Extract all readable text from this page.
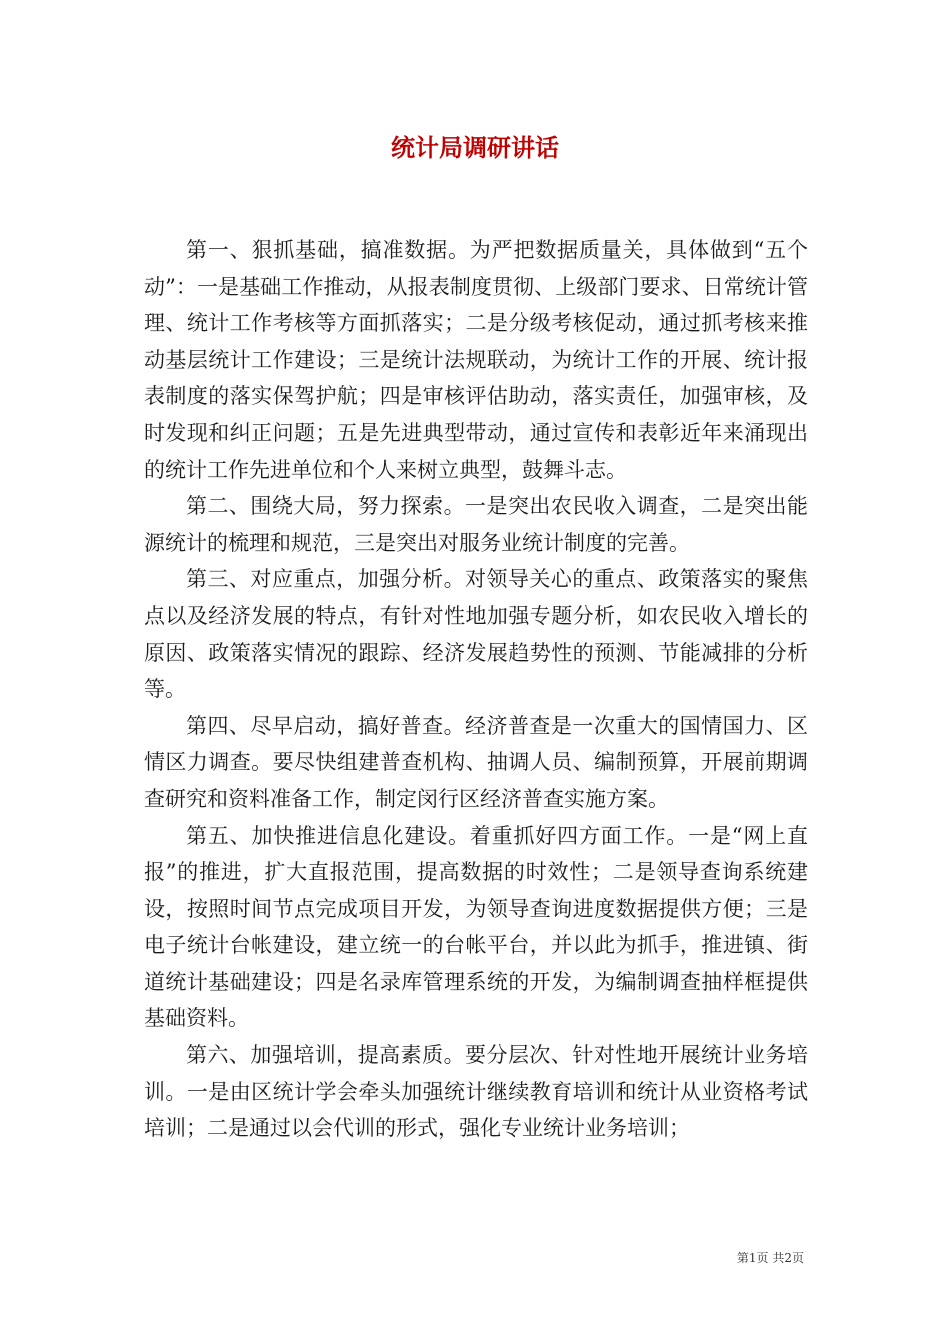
统计局调研讲话

第一、狠抓基础，搞准数据。为严把数据质量关，具体做到“五个动”：一是基础工作推动，从报表制度贯彻、上级部门要求、日常统计管理、统计工作考核等方面抓落实；二是分级考核促动，通过抓考核来推动基层统计工作建设；三是统计法规联动，为统计工作的开展、统计报表制度的落实保驾护航；四是审核评估助动，落实责任，加强审核，及时发现和纠正问题；五是先进典型带动，通过宣传和表彰近年来涌现出的统计工作先进单位和个人来树立典型，鼓舞斗志。

第二、围绕大局，努力探索。一是突出农民收入调查，二是突出能源统计的梳理和规范，三是突出对服务业统计制度的完善。

第三、对应重点，加强分析。对领导关心的重点、政策落实的聚焦点以及经济发展的特点，有针对性地加强专题分析，如农民收入增长的原因、政策落实情况的跟踪、经济发展趋势性的预测、节能减排的分析等。

第四、尽早启动，搞好普查。经济普查是一次重大的国情国力、区情区力调查。要尽快组建普查机构、抽调人员、编制预算，开展前期调查研究和资料准备工作，制定闵行区经济普查实施方案。

第五、加快推进信息化建设。着重抓好四方面工作。一是“网上直报”的推进，扩大直报范围，提高数据的时效性；二是领导查询系统建设，按照时间节点完成项目开发，为领导查询进度数据提供方便；三是电子统计台帐建设，建立统一的台帐平台，并以此为抓手，推进镇、街道统计基础建设；四是名录库管理系统的开发，为编制调查抽样框提供基础资料。

第六、加强培训，提高素质。要分层次、针对性地开展统计业务培训。一是由区统计学会牵头加强统计继续教育培训和统计从业资格考试培训；二是通过以会代训的形式，强化专业统计业务培训；

第1页 共2页
